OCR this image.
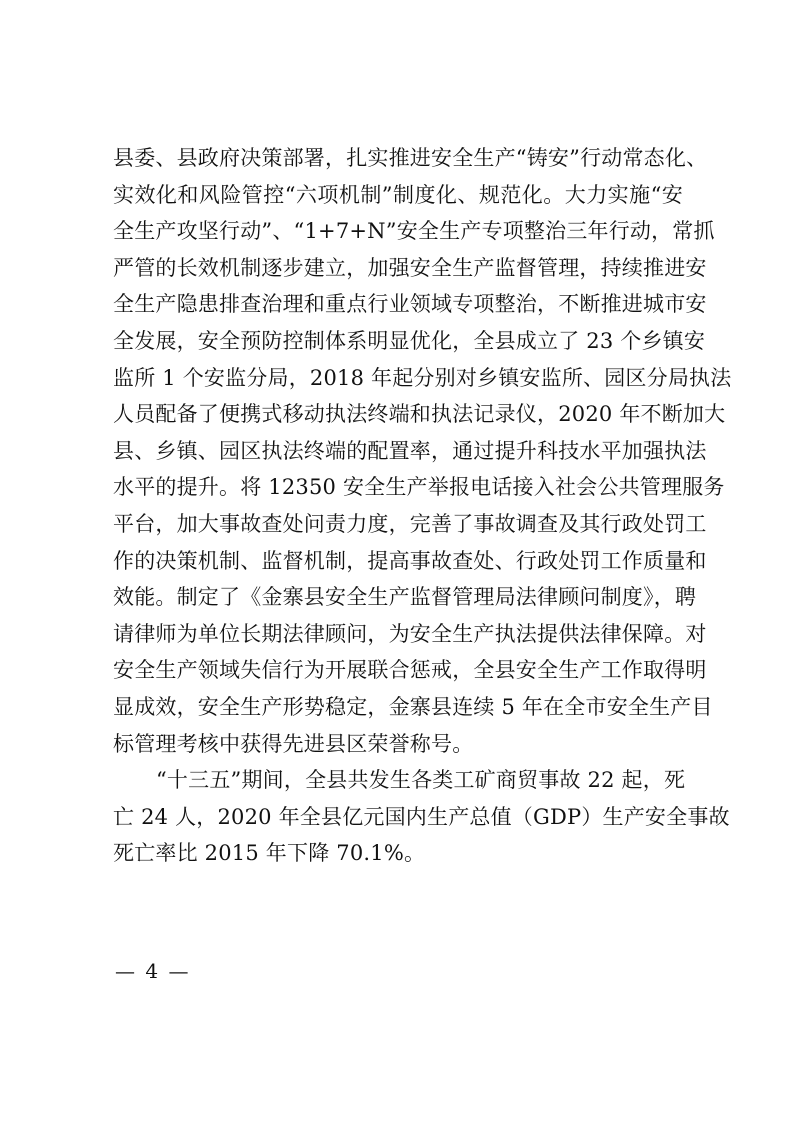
县委、县政府决策部署，扎实推进安全生产“铸安”行动常态化、
实效化和风险管控“六项机制”制度化、规范化。大力实施“安
全生产攻坚行动”、“1+7+N”安全生产专项整治三年行动，常抓
严管的长效机制逐步建立，加强安全生产监督管理，持续推进安
全生产隐患排查治理和重点行业领域专项整治，不断推进城市安
全发展，安全预防控制体系明显优化，全县成立了 23 个乡镇安
监所 1 个安监分局，2018 年起分别对乡镇安监所、园区分局执法
人员配备了便携式移动执法终端和执法记录仪，2020 年不断加大
县、乡镇、园区执法终端的配置率，通过提升科技水平加强执法
水平的提升。将 12350 安全生产举报电话接入社会公共管理服务
平台，加大事故查处问责力度，完善了事故调查及其行政处罚工
作的决策机制、监督机制，提高事故查处、行政处罚工作质量和
效能。制定了《金寨县安全生产监督管理局法律顾问制度》，聘
请律师为单位长期法律顾问，为安全生产执法提供法律保障。对
安全生产领域失信行为开展联合惩戒，全县安全生产工作取得明
显成效，安全生产形势稳定，金寨县连续 5 年在全市安全生产目
标管理考核中获得先进县区荣誉称号。
“十三五”期间，全县共发生各类工矿商贸事故 22 起，死
亡 24 人，2020 年全县亿元国内生产总值（GDP）生产安全事故
死亡率比 2015 年下降 70.1%。
— 4 —
